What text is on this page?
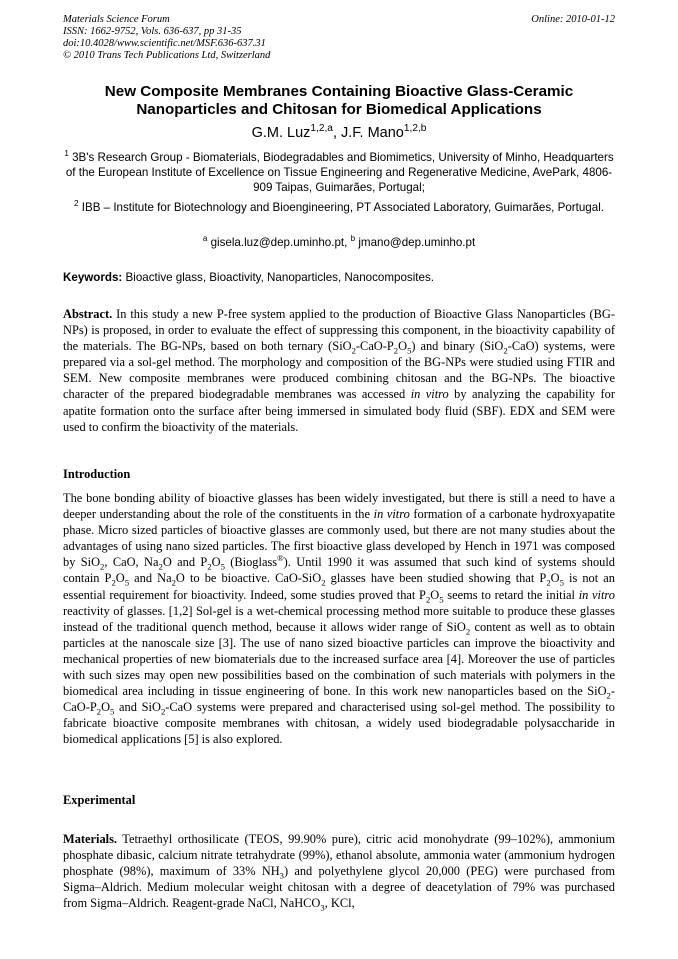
Materials Science Forum
ISSN: 1662-9752, Vols. 636-637, pp 31-35
doi:10.4028/www.scientific.net/MSF.636-637.31
© 2010 Trans Tech Publications Ltd, Switzerland
Online: 2010-01-12
New Composite Membranes Containing Bioactive Glass-Ceramic
Nanoparticles and Chitosan for Biomedical Applications
G.M. Luz$^{1,2,a}$, J.F. Mano$^{1,2,b}$
$^1$ 3B's Research Group - Biomaterials, Biodegradables and Biomimetics, University of Minho, Headquarters of the European Institute of Excellence on Tissue Engineering and Regenerative Medicine, AvePark, 4806-909 Taipas, Guimarães, Portugal;
$^2$ IBB – Institute for Biotechnology and Bioengineering, PT Associated Laboratory, Guimarães, Portugal.
$^a$ gisela.luz@dep.uminho.pt, $^b$ jmano@dep.uminho.pt
Keywords: Bioactive glass, Bioactivity, Nanoparticles, Nanocomposites.
Abstract. In this study a new P-free system applied to the production of Bioactive Glass Nanoparticles (BG-NPs) is proposed, in order to evaluate the effect of suppressing this component, in the bioactivity capability of the materials. The BG-NPs, based on both ternary $(SiO_2-CaO-P_2O_5)$ and binary (SiO$_2$-CaO) systems, were prepared via a sol-gel method. The morphology and composition of the BG-NPs were studied using FTIR and SEM. New composite membranes were produced combining chitosan and the BG-NPs. The bioactive character of the prepared biodegradable membranes was accessed in vitro by analyzing the capability for apatite formation onto the surface after being immersed in simulated body fluid (SBF). EDX and SEM were used to confirm the bioactivity of the materials.
Introduction
The bone bonding ability of bioactive glasses has been widely investigated, but there is still a need to have a deeper understanding about the role of the constituents in the in vitro formation of a carbonate hydroxyapatite phase. Micro sized particles of bioactive glasses are commonly used, but there are not many studies about the advantages of using nano sized particles. The first bioactive glass developed by Hench in 1971 was composed by SiO$_2$, CaO, $Na_2O$ and $P_2O_5$ (Bioglass®). Until 1990 it was assumed that such kind of systems should contain $P_2O_5$ and $Na_2O$ to be bioactive. CaO-SiO$_2$ glasses have been studied showing that $P_2O_5$ is not an essential requirement for bioactivity. Indeed, some studies proved that $P_2O_5$ seems to retard the initial in vitro reactivity of glasses. [1,2] Sol-gel is a wet-chemical processing method more suitable to produce these glasses instead of the traditional quench method, because it allows wider range of SiO$_2$ content as well as to obtain particles at the nanoscale size [3]. The use of nano sized bioactive particles can improve the bioactivity and mechanical properties of new biomaterials due to the increased surface area [4]. Moreover the use of particles with such sizes may open new possibilities based on the combination of such materials with polymers in the biomedical area including in tissue engineering of bone. In this work new nanoparticles based on the SiO$_2$- CaO-$P_2O_5$ and SiO$_2$-CaO systems were prepared and characterised using sol-gel method. The possibility to fabricate bioactive composite membranes with chitosan, a widely used biodegradable polysaccharide in biomedical applications [5] is also explored.
Experimental
Materials. Tetraethyl orthosilicate (TEOS, 99.90% pure), citric acid monohydrate (99–102%), ammonium phosphate dibasic, calcium nitrate tetrahydrate (99%), ethanol absolute, ammonia water (ammonium hydrogen phosphate (98%), maximum of 33% $NH_3$) and polyethylene glycol 20,000 (PEG) were purchased from Sigma–Aldrich. Medium molecular weight chitosan with a degree of deacetylation of 79% was purchased from Sigma–Aldrich. Reagent-grade NaCl, NaHCO$_3$, KCl,
